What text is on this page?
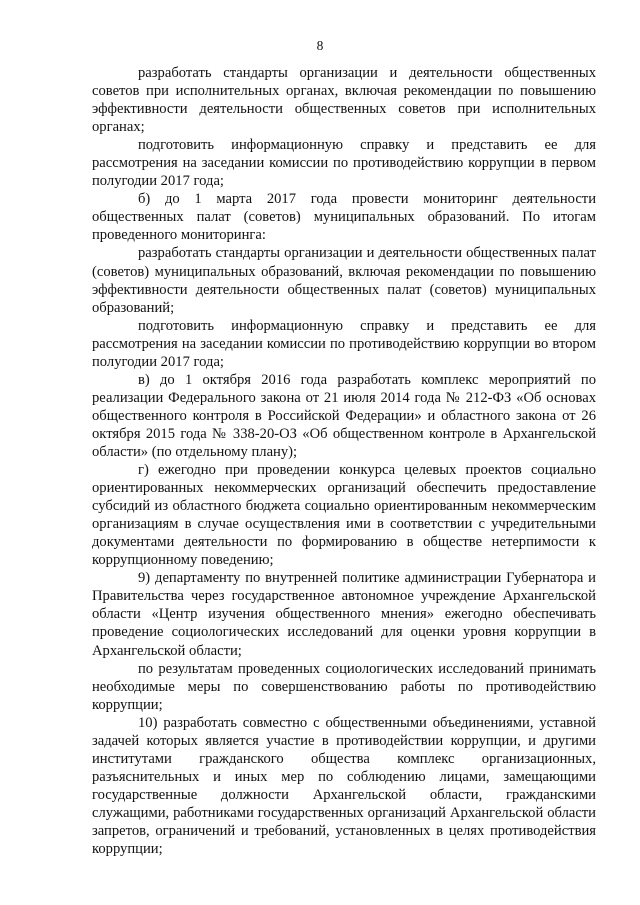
8

разработать стандарты организации и деятельности общественных советов при исполнительных органах, включая рекомендации по повышению эффективности деятельности общественных советов при исполнительных органах;

подготовить информационную справку и представить ее для рассмотрения на заседании комиссии по противодействию коррупции в первом полугодии 2017 года;

б) до 1 марта 2017 года провести мониторинг деятельности общественных палат (советов) муниципальных образований. По итогам проведенного мониторинга:

разработать стандарты организации и деятельности общественных палат (советов) муниципальных образований, включая рекомендации по повышению эффективности деятельности общественных палат (советов) муниципальных образований;

подготовить информационную справку и представить ее для рассмотрения на заседании комиссии по противодействию коррупции во втором полугодии 2017 года;

в) до 1 октября 2016 года разработать комплекс мероприятий по реализации Федерального закона от 21 июля 2014 года № 212-ФЗ «Об основах общественного контроля в Российской Федерации» и областного закона от 26 октября 2015 года № 338-20-ОЗ «Об общественном контроле в Архангельской области» (по отдельному плану);

г) ежегодно при проведении конкурса целевых проектов социально ориентированных некоммерческих организаций обеспечить предоставление субсидий из областного бюджета социально ориентированным некоммерческим организациям в случае осуществления ими в соответствии с учредительными документами деятельности по формированию в обществе нетерпимости к коррупционному поведению;

9) департаменту по внутренней политике администрации Губернатора и Правительства через государственное автономное учреждение Архангельской области «Центр изучения общественного мнения» ежегодно обеспечивать проведение социологических исследований для оценки уровня коррупции в Архангельской области;

по результатам проведенных социологических исследований принимать необходимые меры по совершенствованию работы по противодействию коррупции;

10) разработать совместно с общественными объединениями, уставной задачей которых является участие в противодействии коррупции, и другими институтами гражданского общества комплекс организационных, разъяснительных и иных мер по соблюдению лицами, замещающими государственные должности Архангельской области, гражданскими служащими, работниками государственных организаций Архангельской области запретов, ограничений и требований, установленных в целях противодействия коррупции;
